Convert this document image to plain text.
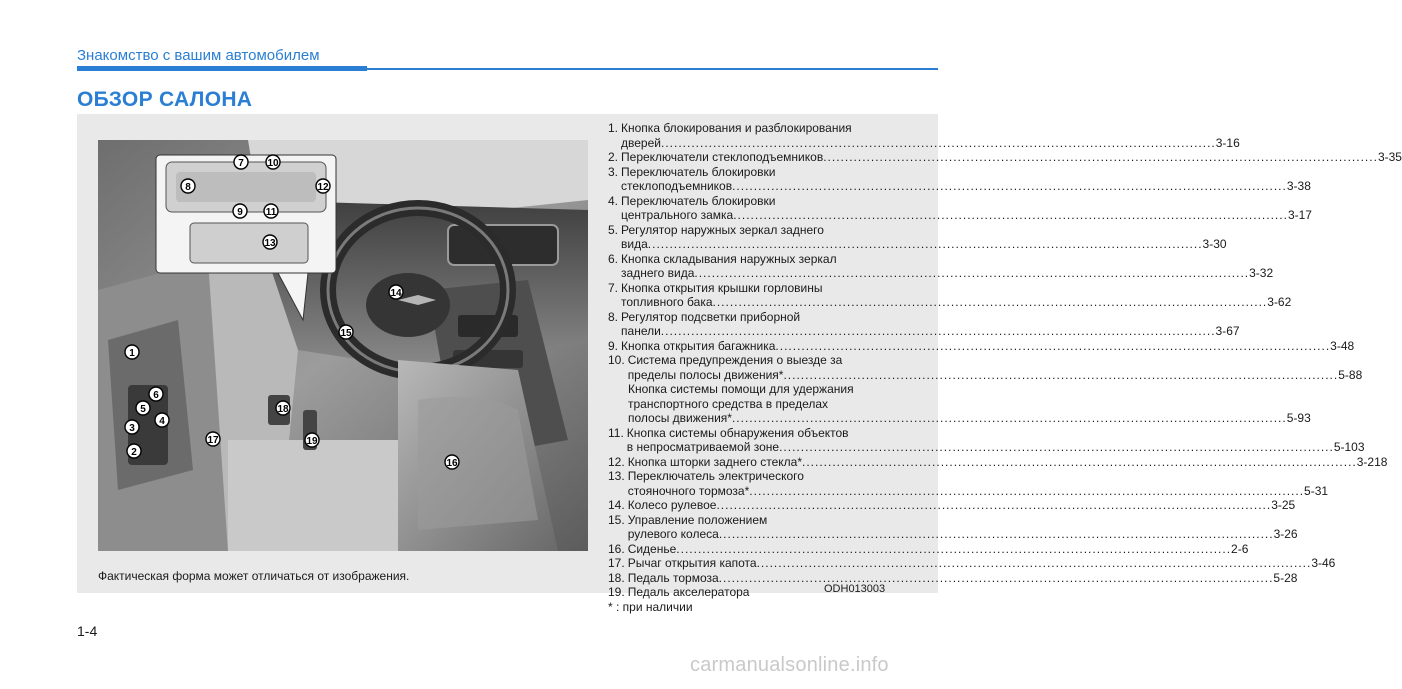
Знакомство с вашим автомобилем
ОБЗОР САЛОНА
7 10
8	12
9 11
13
14
15
1
6
5
4
3
2
18
17	19
16
Фактическая форма может отличаться от изображения.
1. Кнопка блокирования и разблокирования
дверей .....	3-16
2. Переключатели стеклоподъемников .....	3-35
3. Переключатель блокировки
стеклоподъемников .....	3-38
4. Переключатель блокировки
центрального замка .....	3-17
5. Регулятор наружных зеркал заднего
вида .....	3-30
6. Кнопка складывания наружных зеркал
заднего вида .....	3-32
7. Кнопка открытия крышки горловины
топливного бака .....	3-62
8. Регулятор подсветки приборной
панели .....	3-67
9. Кнопка открытия багажника .....	3-48
10. Система предупреждения о выезде за
пределы полосы движения* .....	5-88
Кнопка системы помощи для удержания
транспортного средства в пределах
полосы движения* .....	5-93
11. Кнопка системы обнаружения объектов
в непросматриваемой зоне .....	5-103
12. Кнопка шторки заднего стекла* .....	3-218
13. Переключатель электрического
стояночного тормоза* .....	5-31
14. Колесо рулевое .....	3-25
15. Управление положением
рулевого колеса .....	3-26
16. Сиденье .....	2-6
17. Рычаг открытия капота .....	3-46
18. Педаль тормоза .....	5-28
19. Педаль акселератора
* : при наличии
ODH013003
1-4
carmanualsonline.info
